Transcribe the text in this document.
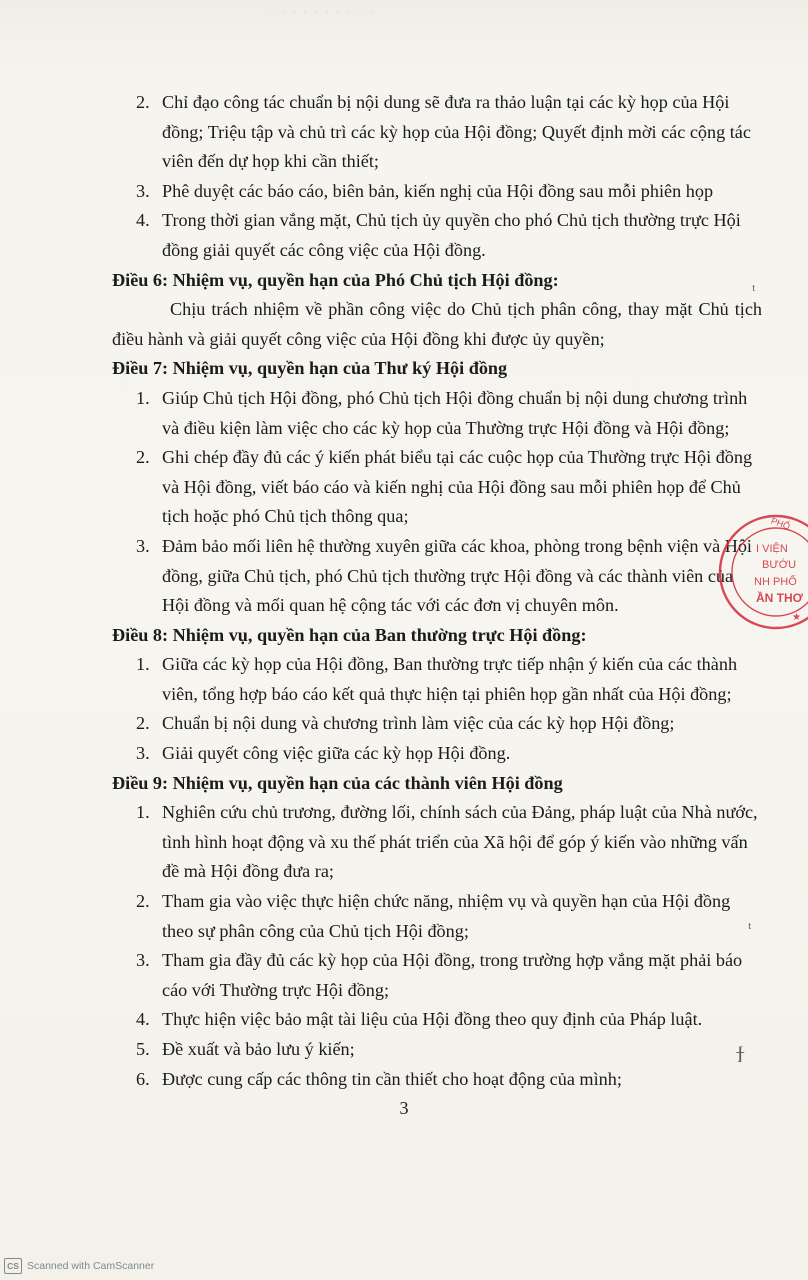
· · · · · · · · · ·
2. Chỉ đạo công tác chuẩn bị nội dung sẽ đưa ra thảo luận tại các kỳ họp của Hội đồng; Triệu tập và chủ trì các kỳ họp của Hội đồng; Quyết định mời các cộng tác viên đến dự họp khi cần thiết;
3. Phê duyệt các báo cáo, biên bản, kiến nghị của Hội đồng sau mỗi phiên họp
4. Trong thời gian vắng mặt, Chủ tịch ủy quyền cho phó Chủ tịch thường trực Hội đồng giải quyết các công việc của Hội đồng.

Điều 6: Nhiệm vụ, quyền hạn của Phó Chủ tịch Hội đồng:

Chịu trách nhiệm về phần công việc do Chủ tịch phân công, thay mặt Chủ tịch điều hành và giải quyết công việc của Hội đồng khi được ủy quyền;

Điều 7: Nhiệm vụ, quyền hạn của Thư ký Hội đồng

1. Giúp Chủ tịch Hội đồng, phó Chủ tịch Hội đồng chuẩn bị nội dung chương trình và điều kiện làm việc cho các kỳ họp của Thường trực Hội đồng và Hội đồng;
2. Ghi chép đầy đủ các ý kiến phát biểu tại các cuộc họp của Thường trực Hội đồng và Hội đồng, viết báo cáo và kiến nghị của Hội đồng sau mỗi phiên họp để Chủ tịch hoặc phó Chủ tịch thông qua;
3. Đảm bảo mối liên hệ thường xuyên giữa các khoa, phòng trong bệnh viện và Hội đồng, giữa Chủ tịch, phó Chủ tịch thường trực Hội đồng và các thành viên của Hội đồng và mối quan hệ cộng tác với các đơn vị chuyên môn.

Điều 8: Nhiệm vụ, quyền hạn của Ban thường trực Hội đồng:

1. Giữa các kỳ họp của Hội đồng, Ban thường trực tiếp nhận ý kiến của các thành viên, tổng hợp báo cáo kết quả thực hiện tại phiên họp gần nhất của Hội đồng;
2. Chuẩn bị nội dung và chương trình làm việc của các kỳ họp Hội đồng;
3. Giải quyết công việc giữa các kỳ họp Hội đồng.

Điều 9: Nhiệm vụ, quyền hạn của các thành viên Hội đồng

1. Nghiên cứu chủ trương, đường lối, chính sách của Đảng, pháp luật của Nhà nước, tình hình hoạt động và xu thế phát triển của Xã hội để góp ý kiến vào những vấn đề mà Hội đồng đưa ra;
2. Tham gia vào việc thực hiện chức năng, nhiệm vụ và quyền hạn của Hội đồng theo sự phân công của Chủ tịch Hội đồng;
3. Tham gia đầy đủ các kỳ họp của Hội đồng, trong trường hợp vắng mặt phải báo cáo với Thường trực Hội đồng;
4. Thực hiện việc bảo mật tài liệu của Hội đồng theo quy định của Pháp luật.
5. Đề xuất và bảo lưu ý kiến;
6. Được cung cấp các thông tin cần thiết cho hoạt động của mình;
PHỐ
I VIỆN
BƯỚU
NH PHỐ
ẦN THƠ
★
ᵗ
ᵗ
ϯ
3
CS Scanned with CamScanner
